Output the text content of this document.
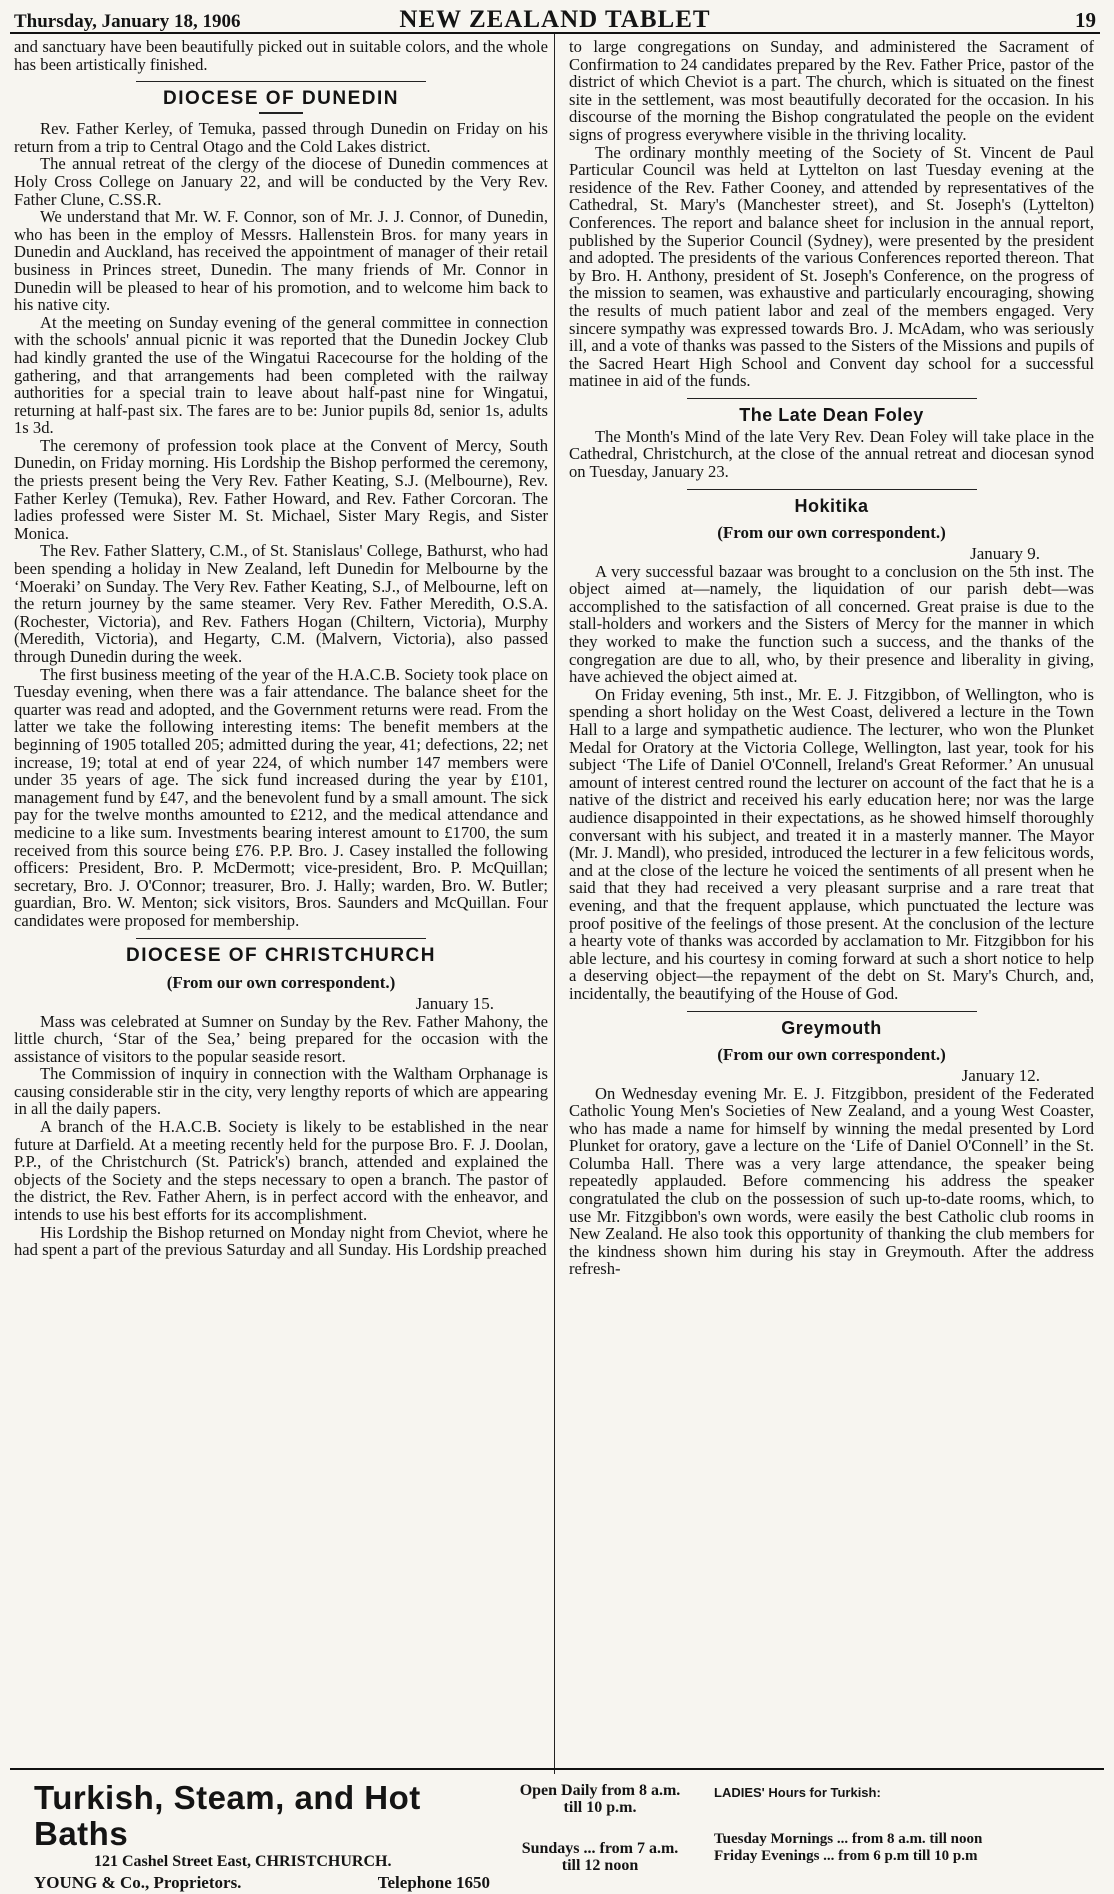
Thursday, January 18, 1906	NEW ZEALAND TABLET	19

and sanctuary have been beautifully picked out in suitable colors, and the whole has been artistically finished.

DIOCESE OF DUNEDIN

Rev. Father Kerley, of Temuka, passed through Dunedin on Friday on his return from a trip to Central Otago and the Cold Lakes district.

The annual retreat of the clergy of the diocese of Dunedin commences at Holy Cross College on January 22, and will be conducted by the Very Rev. Father Clune, C.SS.R.

We understand that Mr. W. F. Connor, son of Mr. J. J. Connor, of Dunedin, who has been in the employ of Messrs. Hallenstein Bros. for many years in Dunedin and Auckland, has received the appointment of manager of their retail business in Princes street, Dunedin. The many friends of Mr. Connor in Dunedin will be pleased to hear of his promotion, and to welcome him back to his native city.

At the meeting on Sunday evening of the general committee in connection with the schools' annual picnic it was reported that the Dunedin Jockey Club had kindly granted the use of the Wingatui Racecourse for the holding of the gathering, and that arrangements had been completed with the railway authorities for a special train to leave about half-past nine for Wingatui, returning at half-past six. The fares are to be: Junior pupils 8d, senior 1s, adults 1s 3d.

The ceremony of profession took place at the Convent of Mercy, South Dunedin, on Friday morning. His Lordship the Bishop performed the ceremony, the priests present being the Very Rev. Father Keating, S.J. (Melbourne), Rev. Father Kerley (Temuka), Rev. Father Howard, and Rev. Father Corcoran. The ladies professed were Sister M. St. Michael, Sister Mary Regis, and Sister Monica.

The Rev. Father Slattery, C.M., of St. Stanislaus' College, Bathurst, who had been spending a holiday in New Zealand, left Dunedin for Melbourne by the ‘Moeraki’ on Sunday. The Very Rev. Father Keating, S.J., of Melbourne, left on the return journey by the same steamer. Very Rev. Father Meredith, O.S.A. (Rochester, Victoria), and Rev. Fathers Hogan (Chiltern, Victoria), Murphy (Meredith, Victoria), and Hegarty, C.M. (Malvern, Victoria), also passed through Dunedin during the week.

The first business meeting of the year of the H.A.C.B. Society took place on Tuesday evening, when there was a fair attendance. The balance sheet for the quarter was read and adopted, and the Government returns were read. From the latter we take the following interesting items: The benefit members at the beginning of 1905 totalled 205; admitted during the year, 41; defections, 22; net increase, 19; total at end of year 224, of which number 147 members were under 35 years of age. The sick fund increased during the year by £101, management fund by £47, and the benevolent fund by a small amount. The sick pay for the twelve months amounted to £212, and the medical attendance and medicine to a like sum. Investments bearing interest amount to £1700, the sum received from this source being £76. P.P. Bro. J. Casey installed the following officers: President, Bro. P. McDermott; vice-president, Bro. P. McQuillan; secretary, Bro. J. O'Connor; treasurer, Bro. J. Hally; warden, Bro. W. Butler; guardian, Bro. W. Menton; sick visitors, Bros. Saunders and McQuillan. Four candidates were proposed for membership.

DIOCESE OF CHRISTCHURCH
(From our own correspondent.)
January 15.

Mass was celebrated at Sumner on Sunday by the Rev. Father Mahony, the little church, ‘Star of the Sea,’ being prepared for the occasion with the assistance of visitors to the popular seaside resort.

The Commission of inquiry in connection with the Waltham Orphanage is causing considerable stir in the city, very lengthy reports of which are appearing in all the daily papers.

A branch of the H.A.C.B. Society is likely to be established in the near future at Darfield. At a meeting recently held for the purpose Bro. F. J. Doolan, P.P., of the Christchurch (St. Patrick's) branch, attended and explained the objects of the Society and the steps necessary to open a branch. The pastor of the district, the Rev. Father Ahern, is in perfect accord with the enheavor, and intends to use his best efforts for its accomplishment.

His Lordship the Bishop returned on Monday night from Cheviot, where he had spent a part of the previous Saturday and all Sunday. His Lordship preached

to large congregations on Sunday, and administered the Sacrament of Confirmation to 24 candidates prepared by the Rev. Father Price, pastor of the district of which Cheviot is a part. The church, which is situated on the finest site in the settlement, was most beautifully decorated for the occasion. In his discourse of the morning the Bishop congratulated the people on the evident signs of progress everywhere visible in the thriving locality.

The ordinary monthly meeting of the Society of St. Vincent de Paul Particular Council was held at Lyttelton on last Tuesday evening at the residence of the Rev. Father Cooney, and attended by representatives of the Cathedral, St. Mary's (Manchester street), and St. Joseph's (Lyttelton) Conferences. The report and balance sheet for inclusion in the annual report, published by the Superior Council (Sydney), were presented by the president and adopted. The presidents of the various Conferences reported thereon. That by Bro. H. Anthony, president of St. Joseph's Conference, on the progress of the mission to seamen, was exhaustive and particularly encouraging, showing the results of much patient labor and zeal of the members engaged. Very sincere sympathy was expressed towards Bro. J. McAdam, who was seriously ill, and a vote of thanks was passed to the Sisters of the Missions and pupils of the Sacred Heart High School and Convent day school for a successful matinee in aid of the funds.

The Late Dean Foley

The Month's Mind of the late Very Rev. Dean Foley will take place in the Cathedral, Christchurch, at the close of the annual retreat and diocesan synod on Tuesday, January 23.

Hokitika
(From our own correspondent.)
January 9.

A very successful bazaar was brought to a conclusion on the 5th inst. The object aimed at—namely, the liquidation of our parish debt—was accomplished to the satisfaction of all concerned. Great praise is due to the stall-holders and workers and the Sisters of Mercy for the manner in which they worked to make the function such a success, and the thanks of the congregation are due to all, who, by their presence and liberality in giving, have achieved the object aimed at.

On Friday evening, 5th inst., Mr. E. J. Fitzgibbon, of Wellington, who is spending a short holiday on the West Coast, delivered a lecture in the Town Hall to a large and sympathetic audience. The lecturer, who won the Plunket Medal for Oratory at the Victoria College, Wellington, last year, took for his subject ‘The Life of Daniel O'Connell, Ireland's Great Reformer.’ An unusual amount of interest centred round the lecturer on account of the fact that he is a native of the district and received his early education here; nor was the large audience disappointed in their expectations, as he showed himself thoroughly conversant with his subject, and treated it in a masterly manner. The Mayor (Mr. J. Mandl), who presided, introduced the lecturer in a few felicitous words, and at the close of the lecture he voiced the sentiments of all present when he said that they had received a very pleasant surprise and a rare treat that evening, and that the frequent applause, which punctuated the lecture was proof positive of the feelings of those present. At the conclusion of the lecture a hearty vote of thanks was accorded by acclamation to Mr. Fitzgibbon for his able lecture, and his courtesy in coming forward at such a short notice to help a deserving object—the repayment of the debt on St. Mary's Church, and, incidentally, the beautifying of the House of God.

Greymouth
(From our own correspondent.)
January 12.

On Wednesday evening Mr. E. J. Fitzgibbon, president of the Federated Catholic Young Men's Societies of New Zealand, and a young West Coaster, who has made a name for himself by winning the medal presented by Lord Plunket for oratory, gave a lecture on the ‘Life of Daniel O'Connell’ in the St. Columba Hall. There was a very large attendance, the speaker being repeatedly applauded. Before commencing his address the speaker congratulated the club on the possession of such up-to-date rooms, which, to use Mr. Fitzgibbon's own words, were easily the best Catholic club rooms in New Zealand. He also took this opportunity of thanking the club members for the kindness shown him during his stay in Greymouth. After the address refresh-

Turkish, Steam, and Hot Baths
121 Cashel Street East, CHRISTCHURCH.
YOUNG & Co., Proprietors.	Telephone 1650
Open Daily from 8 a.m.
till 10 p.m.
Sundays ... from 7 a.m.
till 12 noon
LADIES' Hours for Turkish:
Tuesday Mornings ... from 8 a.m. till noon
Friday Evenings ... from 6 p.m till 10 p.m
